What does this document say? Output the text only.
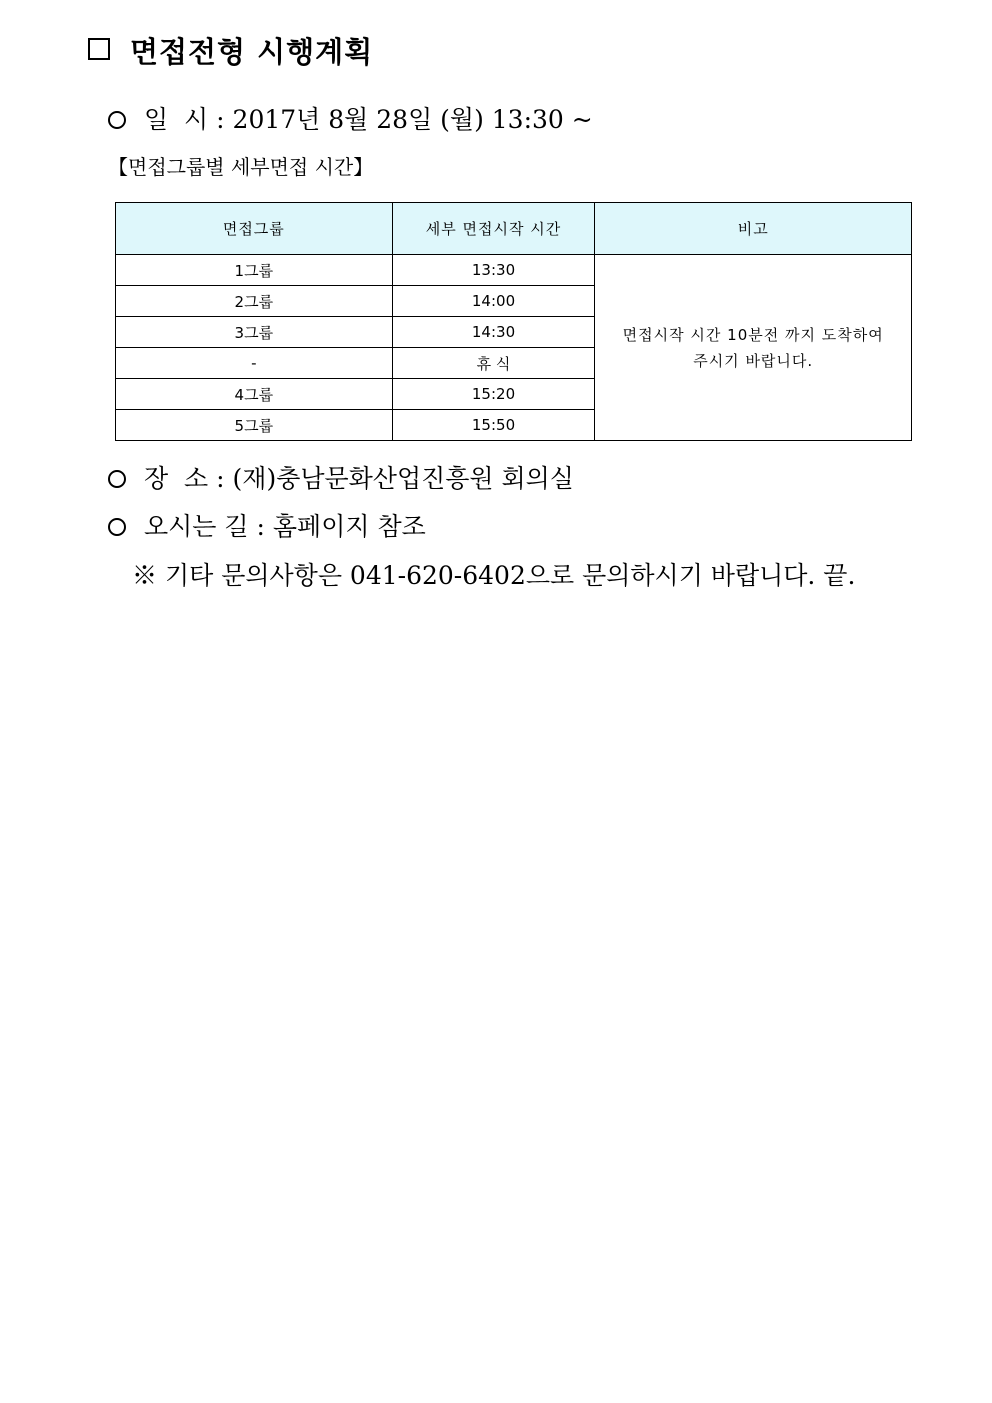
면접전형 시행계획
일  시 : 2017년 8월 28일 (월) 13:30 ~
【면접그룹별 세부면접 시간】
면접그룹	세부 면접시작 시간	비고
1그룹	13:30	면접시작 시간 10분전 까지 도착하여
주시기 바랍니다.
2그룹	14:00	
3그룹	14:30	
-	휴 식	
4그룹	15:20	
5그룹	15:50	
장  소 : (재)충남문화산업진흥원 회의실
오시는 길 : 홈페이지 참조
※ 기타 문의사항은 041-620-6402으로 문의하시기 바랍니다. 끝.
